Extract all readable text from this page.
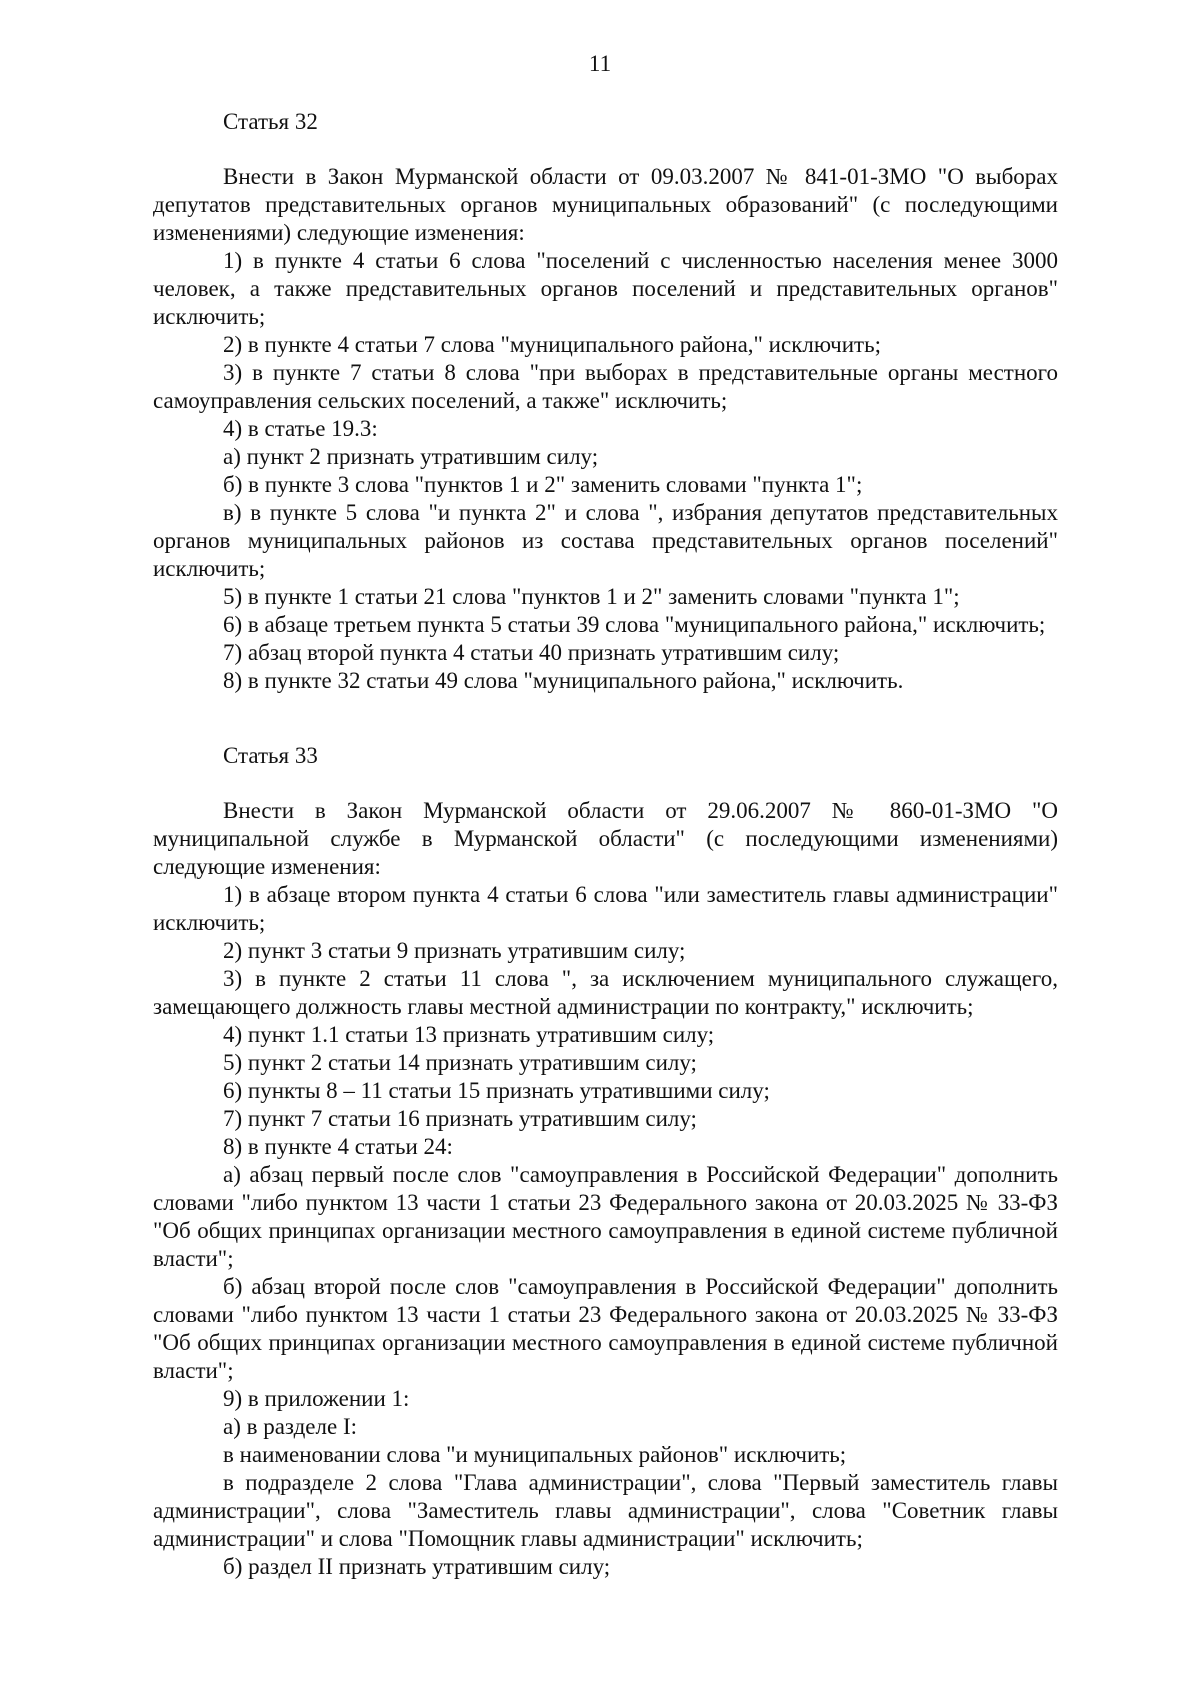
11
Статья 32

Внести в Закон Мурманской области от 09.03.2007 № 841-01-ЗМО "О выборах депутатов представительных органов муниципальных образований" (с последующими изменениями) следующие изменения:

1) в пункте 4 статьи 6 слова "поселений с численностью населения менее 3000 человек, а также представительных органов поселений и представительных органов" исключить;

2) в пункте 4 статьи 7 слова "муниципального района," исключить;

3) в пункте 7 статьи 8 слова "при выборах в представительные органы местного самоуправления сельских поселений, а также" исключить;

4) в статье 19.3:

а) пункт 2 признать утратившим силу;

б) в пункте 3 слова "пунктов 1 и 2" заменить словами "пункта 1";

в) в пункте 5 слова "и пункта 2" и слова ", избрания депутатов представительных органов муниципальных районов из состава представительных органов поселений" исключить;

5) в пункте 1 статьи 21 слова "пунктов 1 и 2" заменить словами "пункта 1";

6) в абзаце третьем пункта 5 статьи 39 слова "муниципального района," исключить;

7) абзац второй пункта 4 статьи 40 признать утратившим силу;

8) в пункте 32 статьи 49 слова "муниципального района," исключить.

Статья 33

Внести в Закон Мурманской области от 29.06.2007 № 860-01-ЗМО "О муниципальной службе в Мурманской области" (с последующими изменениями) следующие изменения:

1) в абзаце втором пункта 4 статьи 6 слова "или заместитель главы администрации" исключить;

2) пункт 3 статьи 9 признать утратившим силу;

3) в пункте 2 статьи 11 слова ", за исключением муниципального служащего, замещающего должность главы местной администрации по контракту," исключить;

4) пункт 1.1 статьи 13 признать утратившим силу;

5) пункт 2 статьи 14 признать утратившим силу;

6) пункты 8 – 11 статьи 15 признать утратившими силу;

7) пункт 7 статьи 16 признать утратившим силу;

8) в пункте 4 статьи 24:

а) абзац первый после слов "самоуправления в Российской Федерации" дополнить словами "либо пунктом 13 части 1 статьи 23 Федерального закона от 20.03.2025 № 33-ФЗ "Об общих принципах организации местного самоуправления в единой системе публичной власти";

б) абзац второй после слов "самоуправления в Российской Федерации" дополнить словами "либо пунктом 13 части 1 статьи 23 Федерального закона от 20.03.2025 № 33-ФЗ "Об общих принципах организации местного самоуправления в единой системе публичной власти";

9) в приложении 1:

а) в разделе I:

в наименовании слова "и муниципальных районов" исключить;

в подразделе 2 слова "Глава администрации", слова "Первый заместитель главы администрации", слова "Заместитель главы администрации", слова "Советник главы администрации" и слова "Помощник главы администрации" исключить;

б) раздел II признать утратившим силу;
